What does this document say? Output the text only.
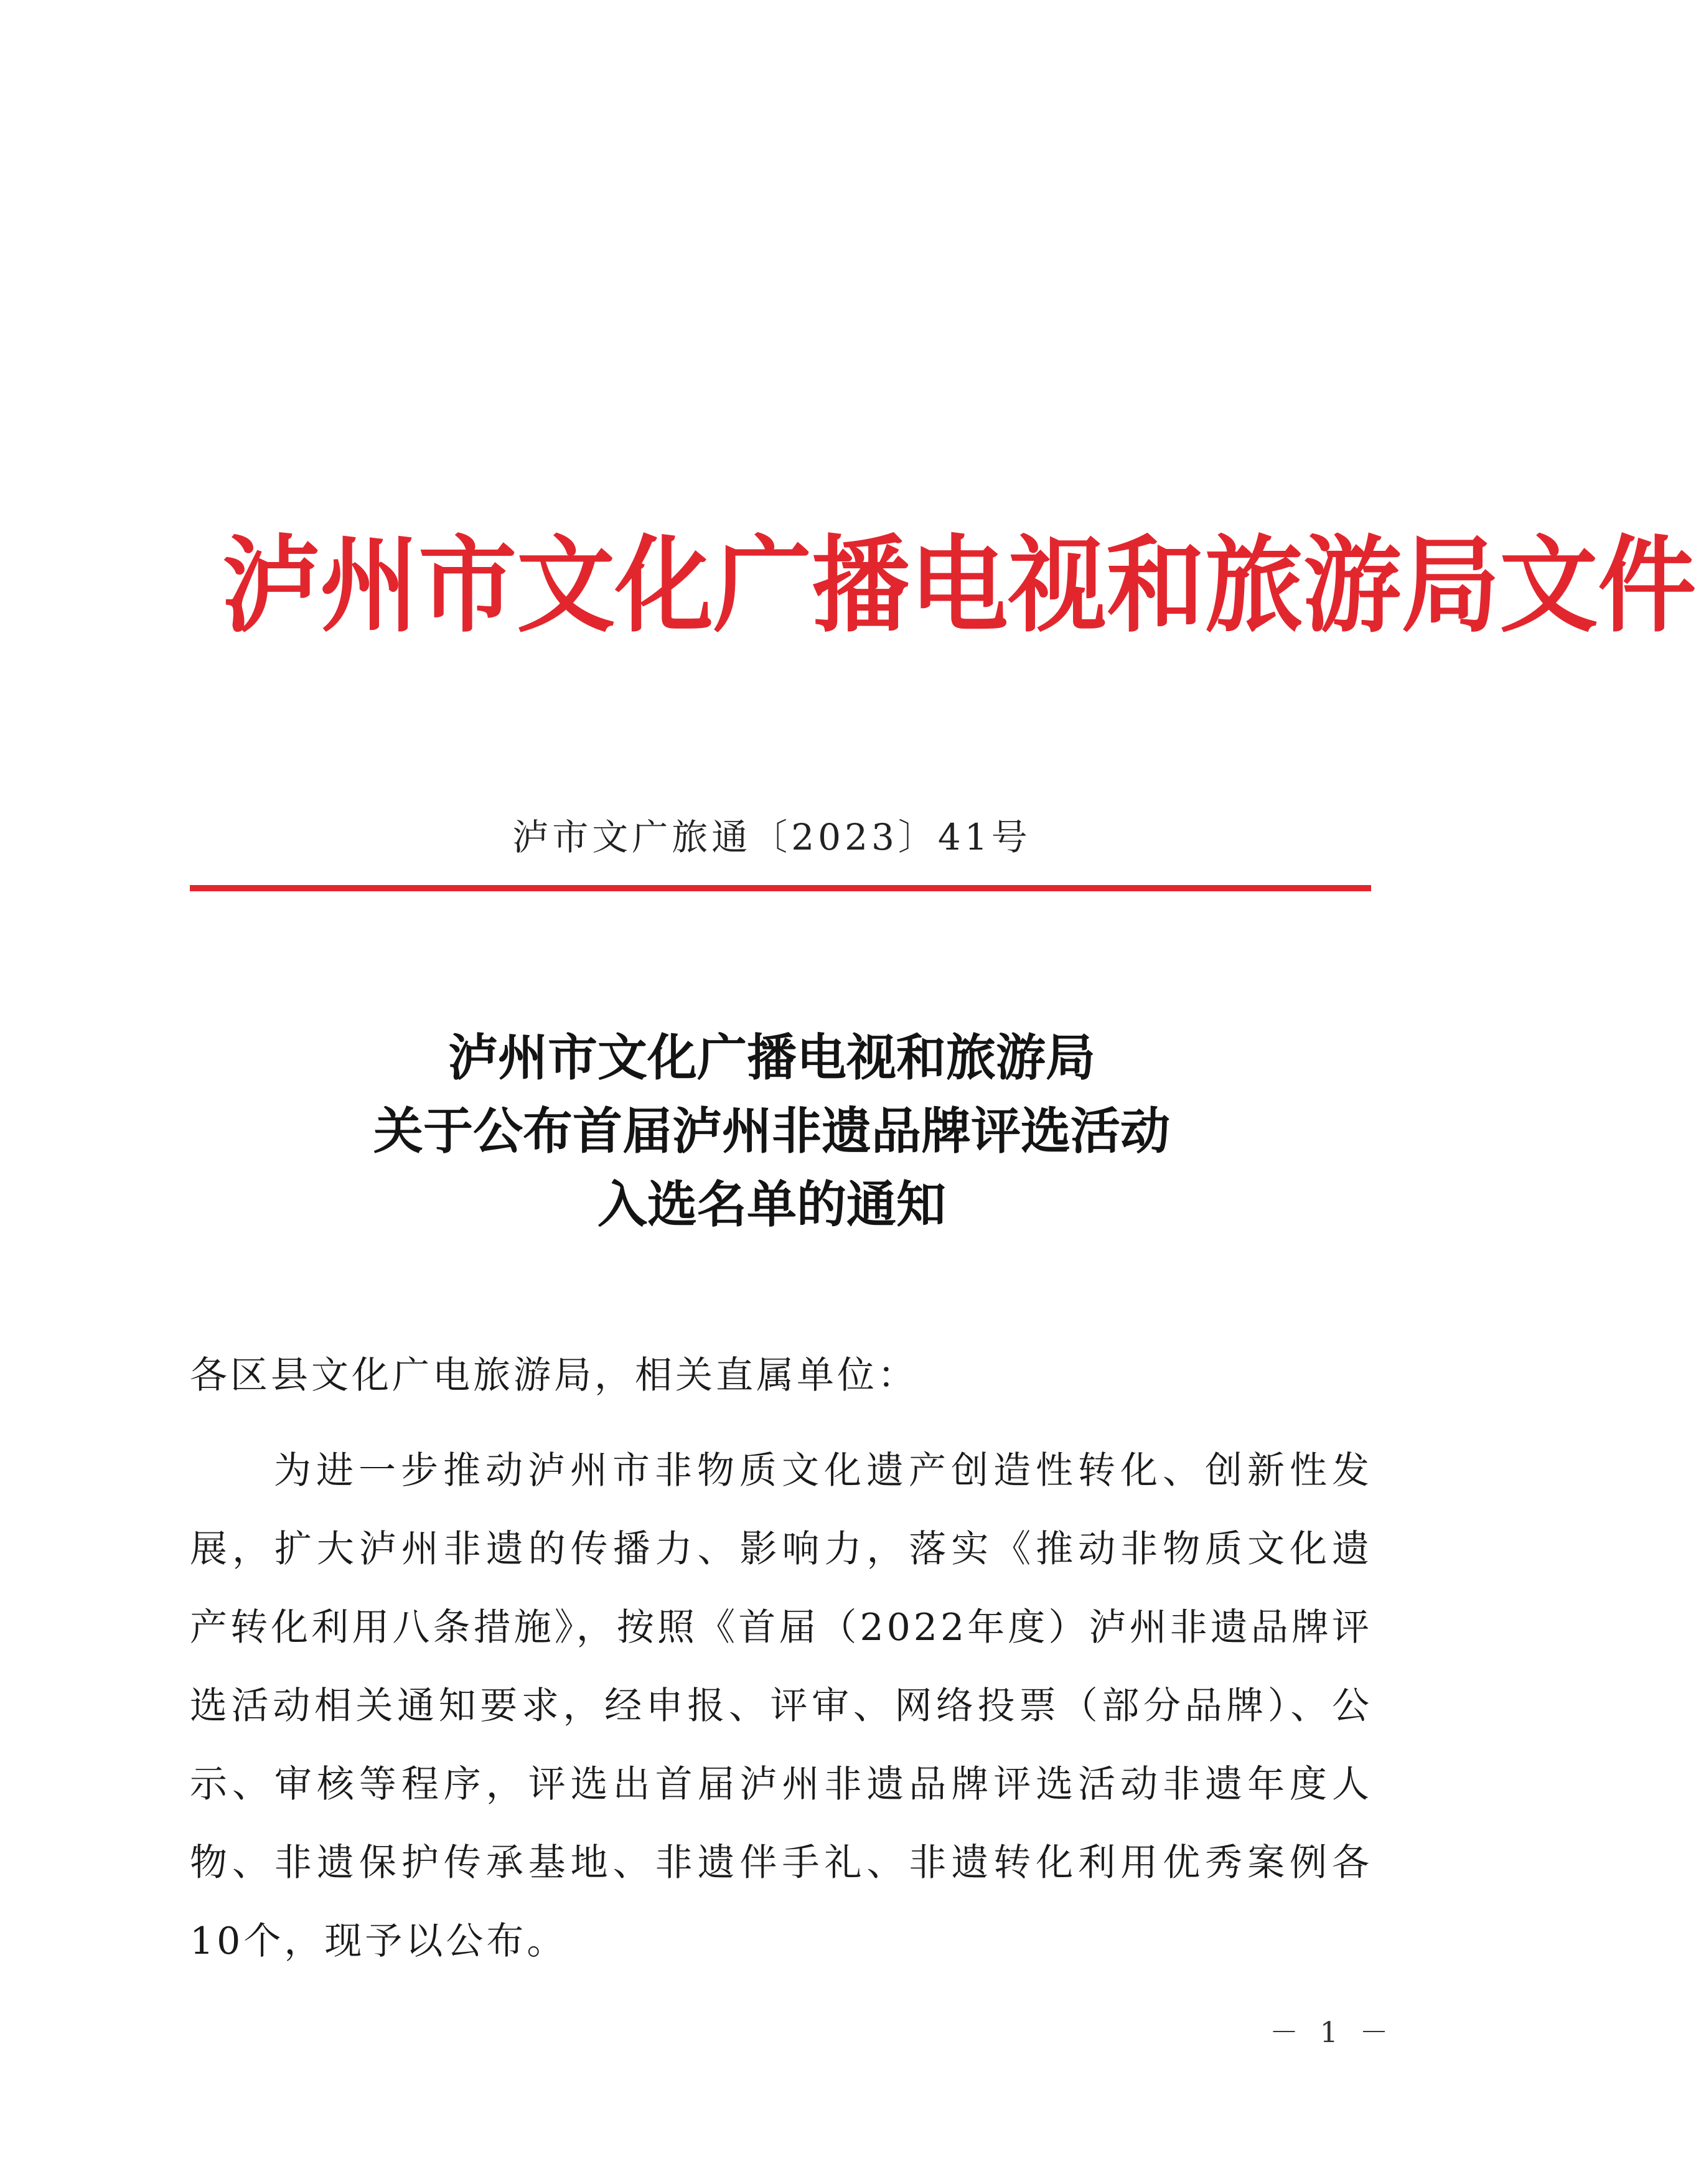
泸州市文化广播电视和旅游局文件
泸市文广旅通〔2023〕41号
泸州市文化广播电视和旅游局
关于公布首届泸州非遗品牌评选活动
入选名单的通知
各区县文化广电旅游局，相关直属单位：
为进一步推动泸州市非物质文化遗产创造性转化、创新性发
展，扩大泸州非遗的传播力、影响力，落实《推动非物质文化遗
产转化利用八条措施》，按照《首届（2022年度）泸州非遗品牌评
选活动相关通知要求，经申报、评审、网络投票（部分品牌）、公
示、审核等程序，评选出首届泸州非遗品牌评选活动非遗年度人
物、非遗保护传承基地、非遗伴手礼、非遗转化利用优秀案例各
10个，现予以公布。
－ 1 －
